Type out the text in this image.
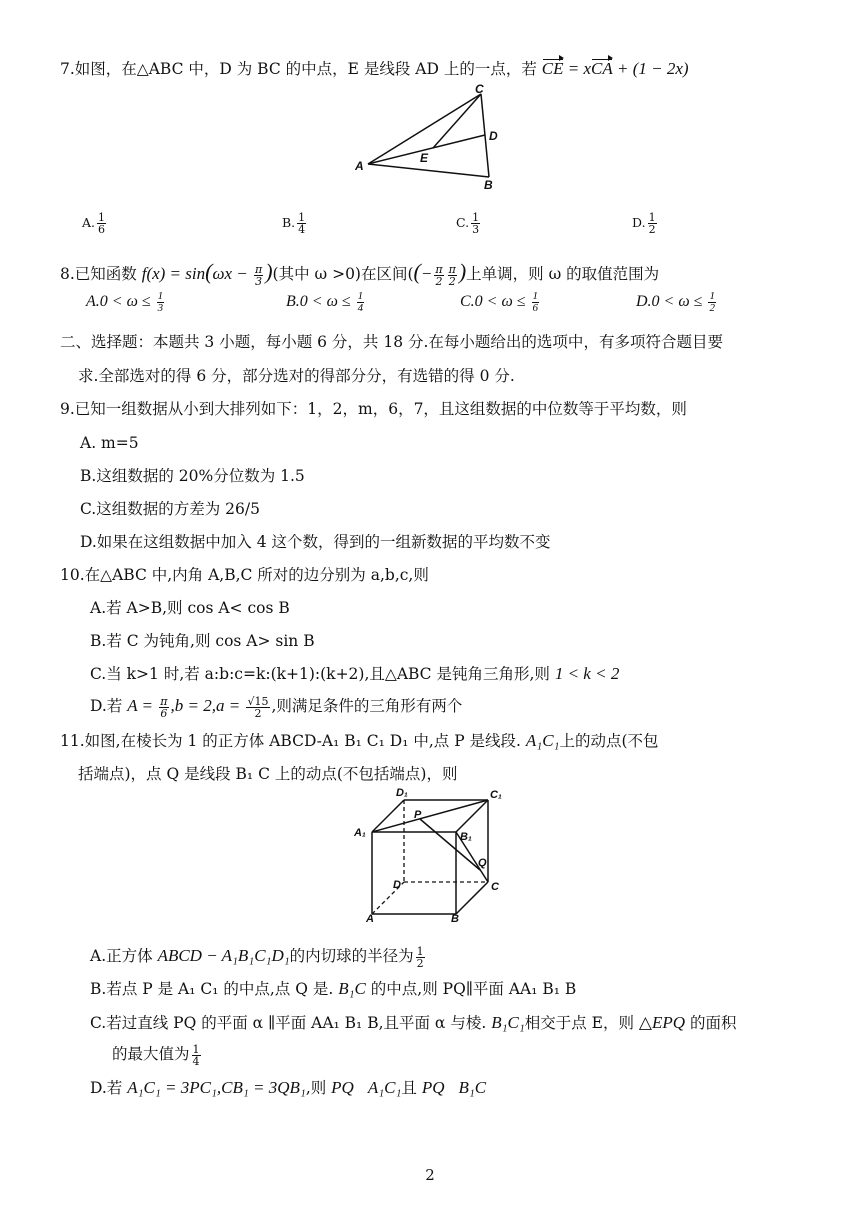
7.如图，在△ABC 中，D 为 BC 的中点，E 是线段 AD 上的一点，若 CE = xCA + (1 − 2x)
A
C
D
E
B
A. $\frac{1}{6}$	B. $\frac{1}{4}$	C. $\frac{1}{3}$	D. $\frac{1}{2}$
8.已知函数 $f(x) = \sin(\omega x - \frac{\pi}{3}$ )(其中 ω >0)在区间((− $\frac{\pi}{2} \frac{\pi}{2}$ )上单调，则 ω 的取值范围为
$A.0 < \omega \le \frac{1}{3}$	$B.0 < \omega \le \frac{1}{4}$	$C.0 < \omega \le \frac{1}{6}$	$D.0 < \omega \le \frac{1}{2}$
二、选择题：本题共 3 小题，每小题 6 分，共 18 分.在每小题给出的选项中，有多项符合题目要
求.全部选对的得 6 分，部分选对的得部分分，有选错的得 0 分.
9.已知一组数据从小到大排列如下：1，2，m，6，7，且这组数据的中位数等于平均数，则
A. m=5
B.这组数据的 20%分位数为 1.5
C.这组数据的方差为 26/5
D.如果在这组数据中加入 4 这个数，得到的一组新数据的平均数不变
10.在△ABC 中,内角 A,B,C 所对的边分别为 a,b,c,则
A.若 A>B,则 cos A< cos B
B.若 C 为钝角,则 cos A> sin B
C.当 k>1 时,若 a:b:c=k:(k+1):(k+2),且△ABC 是钝角三角形,则 1 < k < 2
D.若 $A = \frac{\pi}{6} ,b = 2,a = \frac{√15}{2}$ ,则满足条件的三角形有两个
11.如图,在棱长为 1 的正方体 ABCD-A₁ B₁ C₁ D₁ 中,点 P 是线段. A₁C₁上的动点(不包
括端点)，点 Q 是线段 B₁ C 上的动点(不包括端点)，则
D₁	C₁
A₁	B₁
P
Q
D	C
A	B
A.正方体 ABCD − A₁B₁C₁D₁的内切球的半径为 $\frac{1}{2}$
B.若点 P 是 A₁ C₁ 的中点,点 Q 是. B₁C 的中点,则 PQ∥平面 AA₁ B₁ B
C.若过直线 PQ 的平面 α ∥平面 AA₁ B₁ B,且平面 α 与棱. B₁C₁相交于点 E，则 △EPQ 的面积
的最大值为 $\frac{1}{4}$
D.若 A₁C₁ = 3PC₁,CB₁ = 3QB₁,则 PQ A₁C₁且 PQ B₁C
2
